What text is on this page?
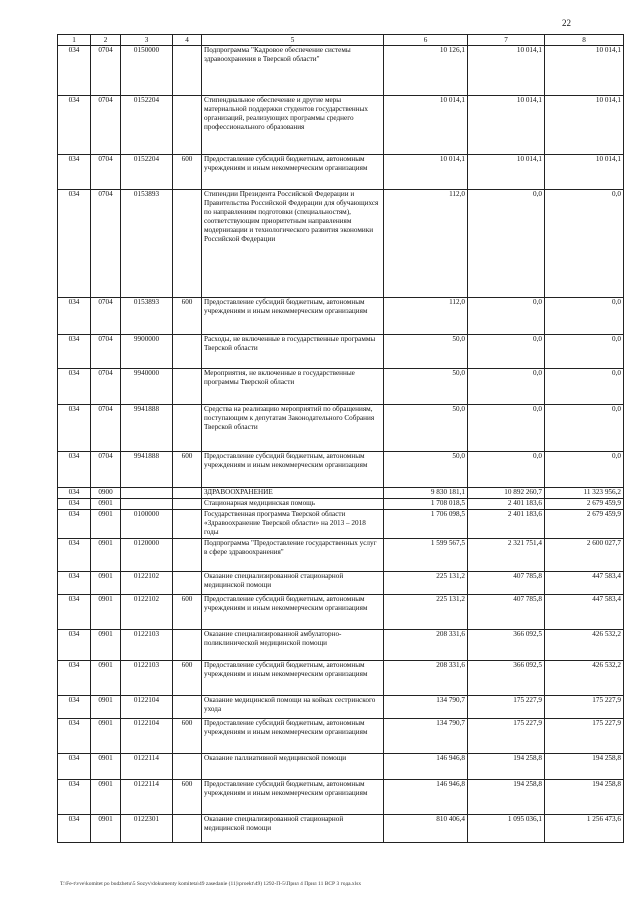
22
1	2	3	4	5	6	7	8
034	0704	0150000		Подпрограмма "Кадровое обеспечение системы здравоохранения в Тверской области"	10 126,1	10 014,1	10 014,1
034	0704	0152204		Стипендиальное обеспечение и другие меры материальной поддержки студентов государственных организаций, реализующих программы среднего профессионального образования	10 014,1	10 014,1	10 014,1
034	0704	0152204	600	Предоставление субсидий бюджетным, автономным учреждениям и иным некоммерческим организациям	10 014,1	10 014,1	10 014,1
034	0704	0153893		Стипендии Президента Российской Федерации и Правительства Российской Федерации для обучающихся по направлениям подготовки (специальностям), соответствующим приоритетным направлениям модернизации и технологического развития экономики Российской Федерации	112,0	0,0	0,0
034	0704	0153893	600	Предоставление субсидий бюджетным, автономным учреждениям и иным некоммерческим организациям	112,0	0,0	0,0
034	0704	9900000		Расходы, не включенные в государственные программы Тверской области	50,0	0,0	0,0
034	0704	9940000		Мероприятия, не включенные в государственные программы Тверской области	50,0	0,0	0,0
034	0704	9941888		Средства на реализацию мероприятий по обращениям, поступающим к депутатам Законодательного Собрания Тверской области	50,0	0,0	0,0
034	0704	9941888	600	Предоставление субсидий бюджетным, автономным учреждениям и иным некоммерческим организациям	50,0	0,0	0,0
034	0900			ЗДРАВООХРАНЕНИЕ	9 830 181,1	10 892 260,7	11 323 956,2
034	0901			Стационарная медицинская помощь	1 708 018,5	2 401 183,6	2 679 459,9
034	0901	0100000		Государственная программа Тверской области «Здравоохранение Тверской области» на 2013 – 2018 годы	1 706 098,5	2 401 183,6	2 679 459,9
034	0901	0120000		Подпрограмма "Предоставление государственных услуг в сфере здравоохранения"	1 599 567,5	2 321 751,4	2 600 027,7
034	0901	0122102		Оказание специализированной стационарной медицинской помощи	225 131,2	407 785,8	447 583,4
034	0901	0122102	600	Предоставление субсидий бюджетным, автономным учреждениям и иным некоммерческим организациям	225 131,2	407 785,8	447 583,4
034	0901	0122103		Оказание специализированной амбулаторно-поликлинической медицинской помощи	208 331,6	366 092,5	426 532,2
034	0901	0122103	600	Предоставление субсидий бюджетным, автономным учреждениям и иным некоммерческим организациям	208 331,6	366 092,5	426 532,2
034	0901	0122104		Оказание медицинской помощи на койках сестринского ухода	134 790,7	175 227,9	175 227,9
034	0901	0122104	600	Предоставление субсидий бюджетным, автономным учреждениям и иным некоммерческим организациям	134 790,7	175 227,9	175 227,9
034	0901	0122114		Оказание паллиативной медицинской помощи	146 946,8	194 258,8	194 258,8
034	0901	0122114	600	Предоставление субсидий бюджетным, автономным учреждениям и иным некоммерческим организациям	146 946,8	194 258,8	194 258,8
034	0901	0122301		Оказание специализированной стационарной медицинской помощи	810 406,4	1 095 036,1	1 256 473,6
T:\Fe-t\vve\komitet po budzhetu\5 Sozyv\dokumenty komiteta\49 zasedanie (11)\proekt\49) 1292-П-5\Прил 4 Прил 11 ВСР 3 года.xlsx
